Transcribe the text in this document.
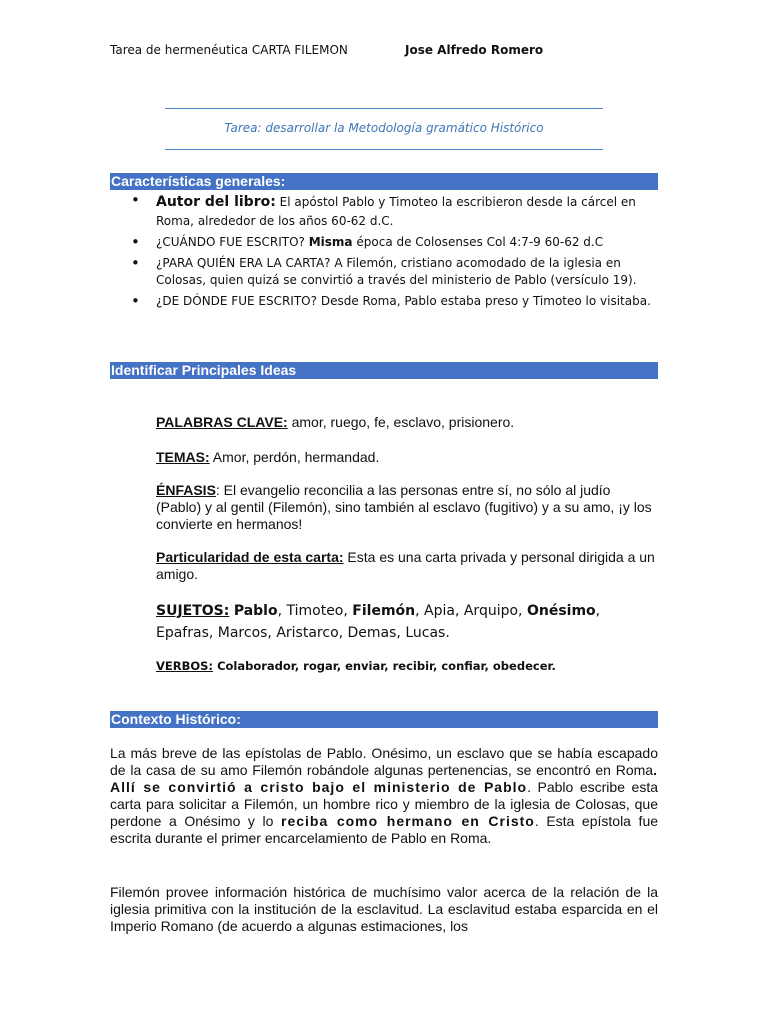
Tarea de hermenéutica CARTA FILEMON	Jose Alfredo Romero
Tarea: desarrollar la Metodología gramático Histórico
Características generales:
• Autor del libro: El apóstol Pablo y Timoteo la escribieron desde la cárcel en Roma, alrededor de los años 60-62 d.C.
• ¿CUÁNDO FUE ESCRITO? Misma época de Colosenses Col 4:7-9 60-62 d.C
• ¿PARA QUIÉN ERA LA CARTA? A Filemón, cristiano acomodado de la iglesia en Colosas, quien quizá se convirtió a través del ministerio de Pablo (versículo 19).
• ¿DE DÓNDE FUE ESCRITO? Desde Roma, Pablo estaba preso y Timoteo lo visitaba.
Identificar Principales Ideas
PALABRAS CLAVE: amor, ruego, fe, esclavo, prisionero.
TEMAS: Amor, perdón, hermandad.
ÉNFASIS: El evangelio reconcilia a las personas entre sí, no sólo al judío (Pablo) y al gentil (Filemón), sino también al esclavo (fugitivo) y a su amo, ¡y los convierte en hermanos!
Particularidad de esta carta: Esta es una carta privada y personal dirigida a un amigo.
SUJETOS: Pablo, Timoteo, Filemón, Apia, Arquipo, Onésimo,
Epafras, Marcos, Aristarco, Demas, Lucas.
VERBOS: Colaborador, rogar, enviar, recibir, confiar, obedecer.
Contexto Histórico:
La más breve de las epístolas de Pablo. Onésimo, un esclavo que se había escapado de la casa de su amo Filemón robándole algunas pertenencias, se encontró en Roma. Allí se convirtió a cristo bajo el ministerio de Pablo. Pablo escribe esta carta para solicitar a Filemón, un hombre rico y miembro de la iglesia de Colosas, que perdone a Onésimo y lo reciba como hermano en Cristo. Esta epístola fue escrita durante el primer encarcelamiento de Pablo en Roma.
Filemón provee información histórica de muchísimo valor acerca de la relación de la iglesia primitiva con la institución de la esclavitud. La esclavitud estaba esparcida en el Imperio Romano (de acuerdo a algunas estimaciones, los
